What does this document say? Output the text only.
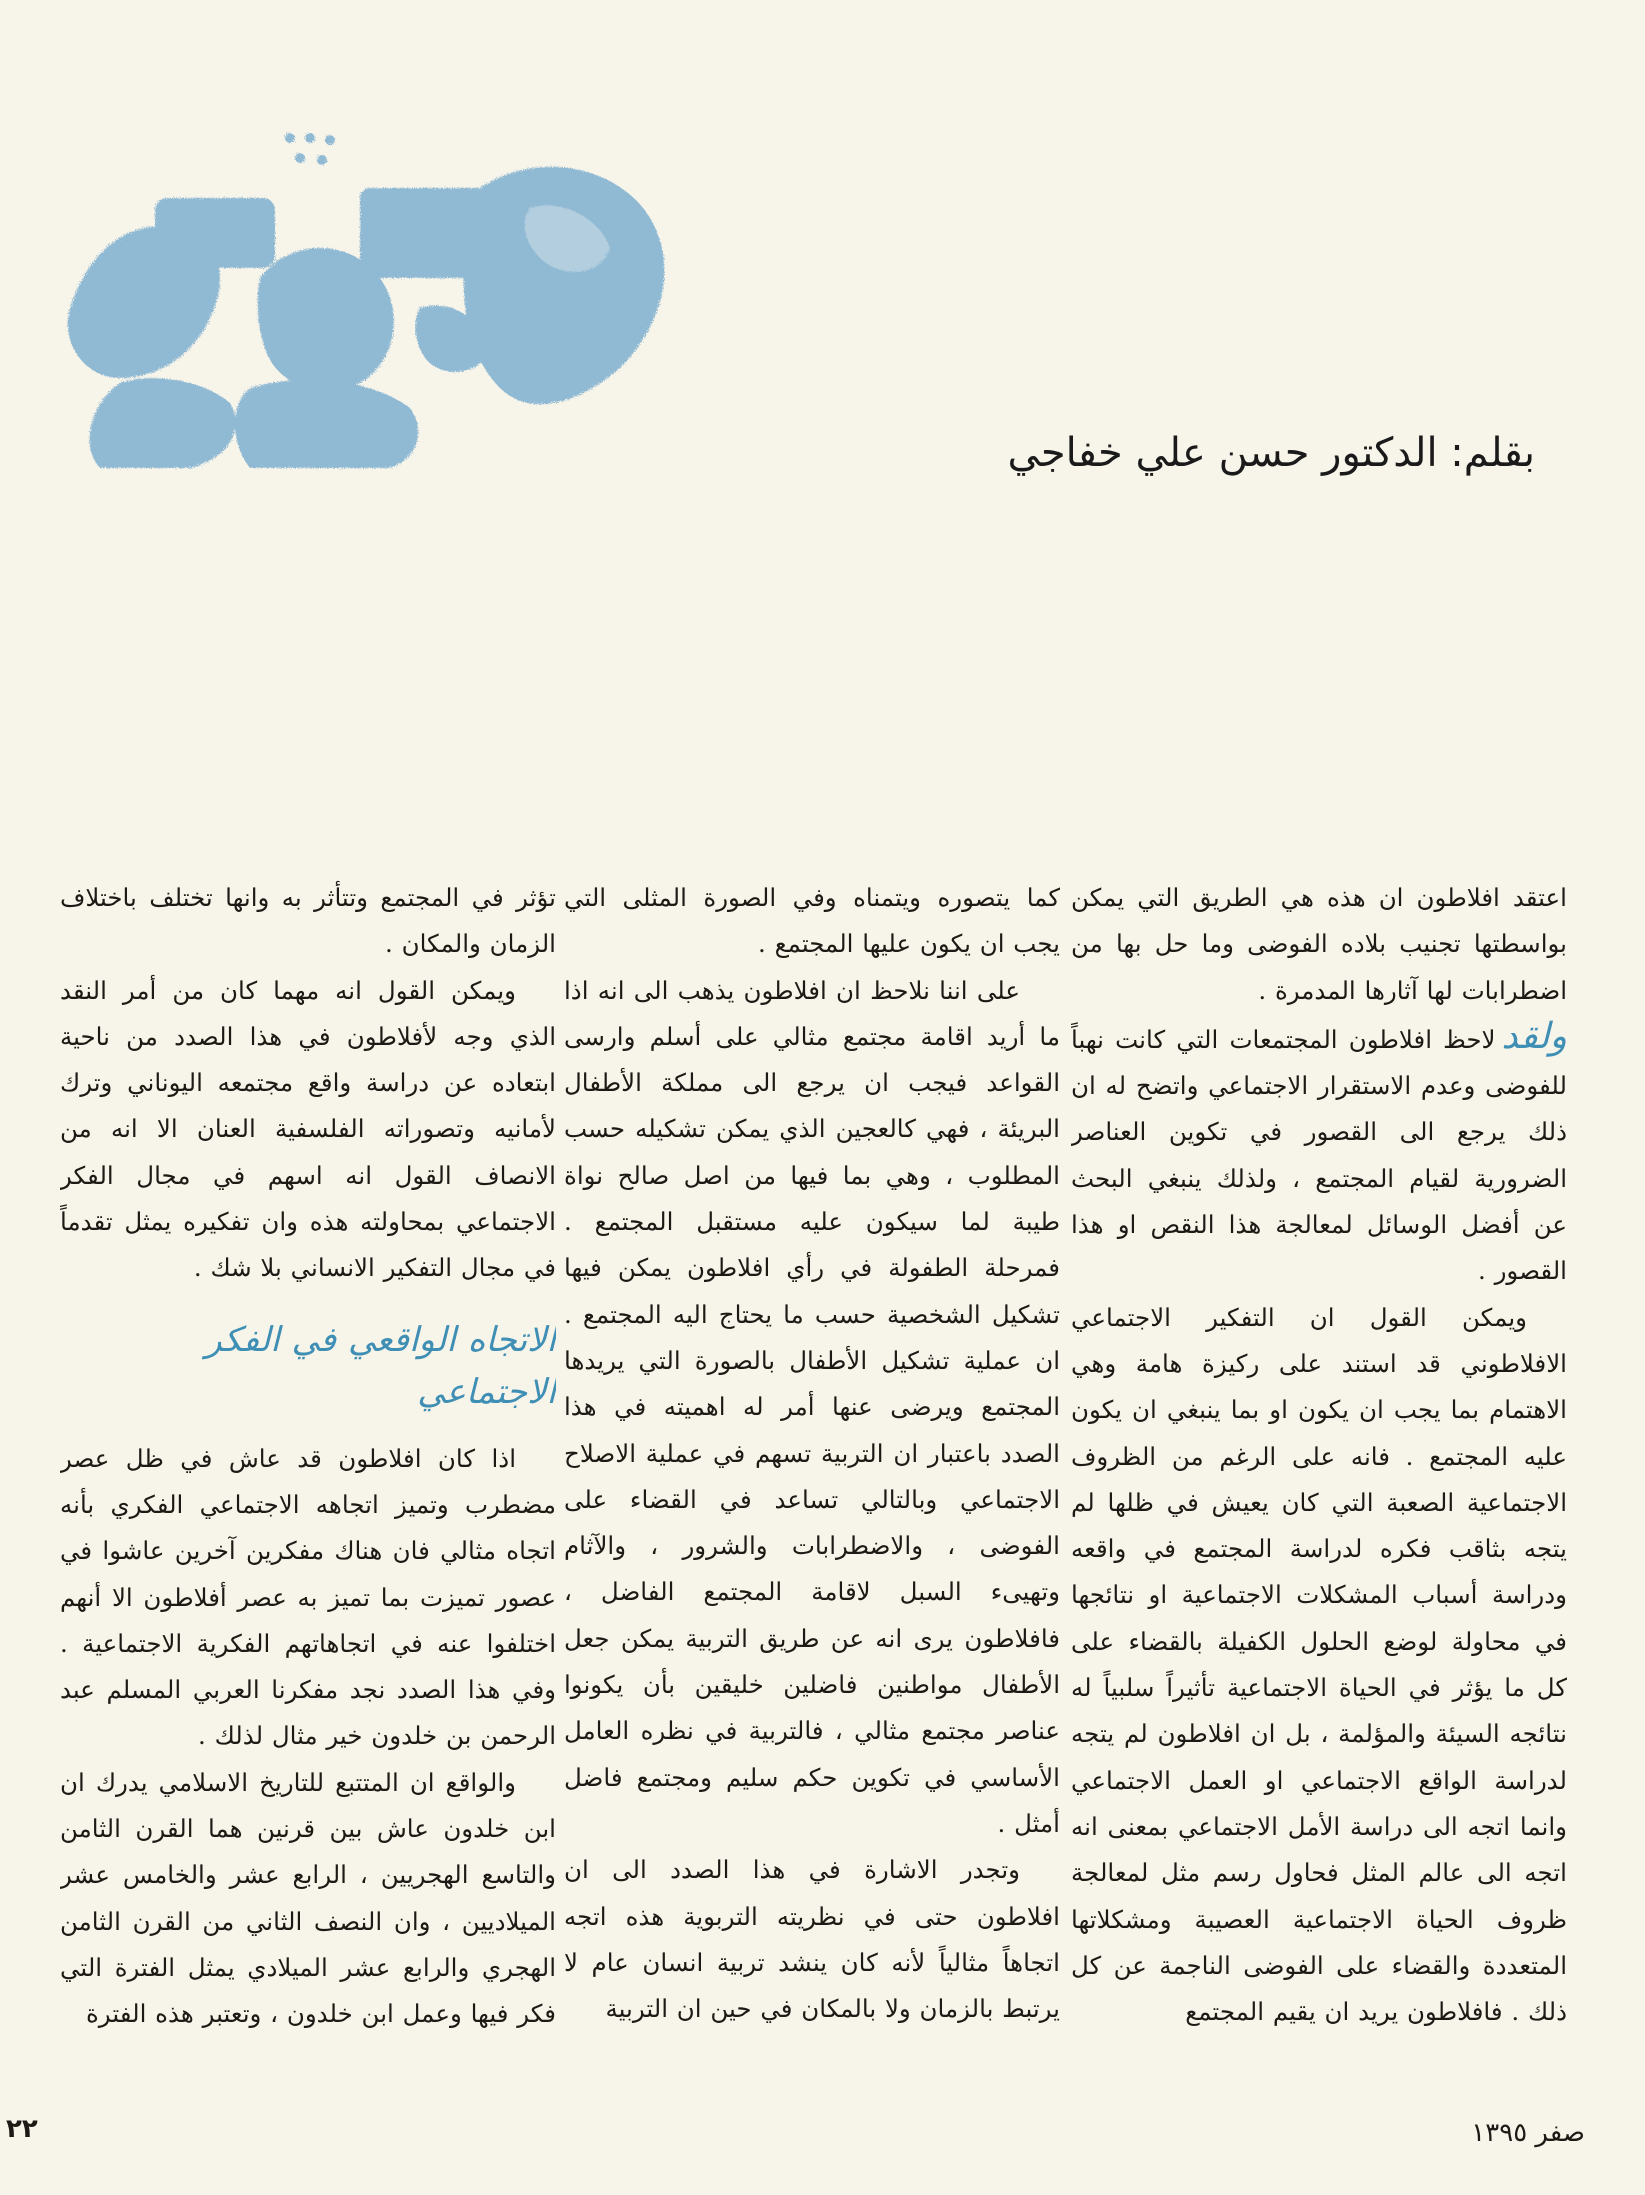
بقلم: الدكتور حسن علي خفاجي

اعتقد افلاطون ان هذه هي الطريق التي يمكن بواسطتها تجنيب بلاده الفوضى وما حل بها من اضطرابات لها آثارها المدمرة .

ولقدلاحظ افلاطون المجتمعات التي كانت نهباً للفوضى وعدم الاستقرار الاجتماعي واتضح له ان ذلك يرجع الى القصور في تكوين العناصر الضرورية لقيام المجتمع ، ولذلك ينبغي البحث عن أفضل الوسائل لمعالجة هذا النقص او هذا القصور .

ويمكن القول ان التفكير الاجتماعي الافلاطوني قد استند على ركيزة هامة وهي الاهتمام بما يجب ان يكون او بما ينبغي ان يكون عليه المجتمع . فانه على الرغم من الظروف الاجتماعية الصعبة التي كان يعيش في ظلها لم يتجه بثاقب فكره لدراسة المجتمع في واقعه ودراسة أسباب المشكلات الاجتماعية او نتائجها في محاولة لوضع الحلول الكفيلة بالقضاء على كل ما يؤثر في الحياة الاجتماعية تأثيراً سلبياً له نتائجه السيئة والمؤلمة ، بل ان افلاطون لم يتجه لدراسة الواقع الاجتماعي او العمل الاجتماعي وانما اتجه الى دراسة الأمل الاجتماعي بمعنى انه اتجه الى عالم المثل فحاول رسم مثل لمعالجة ظروف الحياة الاجتماعية العصيبة ومشكلاتها المتعددة والقضاء على الفوضى الناجمة عن كل ذلك . فافلاطون يريد ان يقيم المجتمع

كما يتصوره ويتمناه وفي الصورة المثلى التي يجب ان يكون عليها المجتمع .

على اننا نلاحظ ان افلاطون يذهب الى انه اذا ما أريد اقامة مجتمع مثالي على أسلم وارسى القواعد فيجب ان يرجع الى مملكة الأطفال البريئة ، فهي كالعجين الذي يمكن تشكيله حسب المطلوب ، وهي بما فيها من اصل صالح نواة طيبة لما سيكون عليه مستقبل المجتمع . فمرحلة الطفولة في رأي افلاطون يمكن فيها تشكيل الشخصية حسب ما يحتاج اليه المجتمع . ان عملية تشكيل الأطفال بالصورة التي يريدها المجتمع ويرضى عنها أمر له اهميته في هذا الصدد باعتبار ان التربية تسهم في عملية الاصلاح الاجتماعي وبالتالي تساعد في القضاء على الفوضى ، والاضطرابات والشرور ، والآثام وتهيىء السبل لاقامة المجتمع الفاضل ، فافلاطون يرى انه عن طريق التربية يمكن جعل الأطفال مواطنين فاضلين خليقين بأن يكونوا عناصر مجتمع مثالي ، فالتربية في نظره العامل الأساسي في تكوين حكم سليم ومجتمع فاضل أمثل .

وتجدر الاشارة في هذا الصدد الى ان افلاطون حتى في نظريته التربوية هذه اتجه اتجاهاً مثالياً لأنه كان ينشد تربية انسان عام لا يرتبط بالزمان ولا بالمكان في حين ان التربية

تؤثر في المجتمع وتتأثر به وانها تختلف باختلاف الزمان والمكان .

ويمكن القول انه مهما كان من أمر النقد الذي وجه لأفلاطون في هذا الصدد من ناحية ابتعاده عن دراسة واقع مجتمعه اليوناني وترك لأمانيه وتصوراته الفلسفية العنان الا انه من الانصاف القول انه اسهم في مجال الفكر الاجتماعي بمحاولته هذه وان تفكيره يمثل تقدماً في مجال التفكير الانساني بلا شك .

الاتجاه الواقعي في الفكر الاجتماعي

اذا كان افلاطون قد عاش في ظل عصر مضطرب وتميز اتجاهه الاجتماعي الفكري بأنه اتجاه مثالي فان هناك مفكرين آخرين عاشوا في عصور تميزت بما تميز به عصر أفلاطون الا أنهم اختلفوا عنه في اتجاهاتهم الفكرية الاجتماعية . وفي هذا الصدد نجد مفكرنا العربي المسلم عبد الرحمن بن خلدون خير مثال لذلك .

والواقع ان المتتبع للتاريخ الاسلامي يدرك ان ابن خلدون عاش بين قرنين هما القرن الثامن والتاسع الهجريين ، الرابع عشر والخامس عشر الميلاديين ، وان النصف الثاني من القرن الثامن الهجري والرابع عشر الميلادي يمثل الفترة التي فكر فيها وعمل ابن خلدون ، وتعتبر هذه الفترة

صفر ١٣٩٥
٢٢
